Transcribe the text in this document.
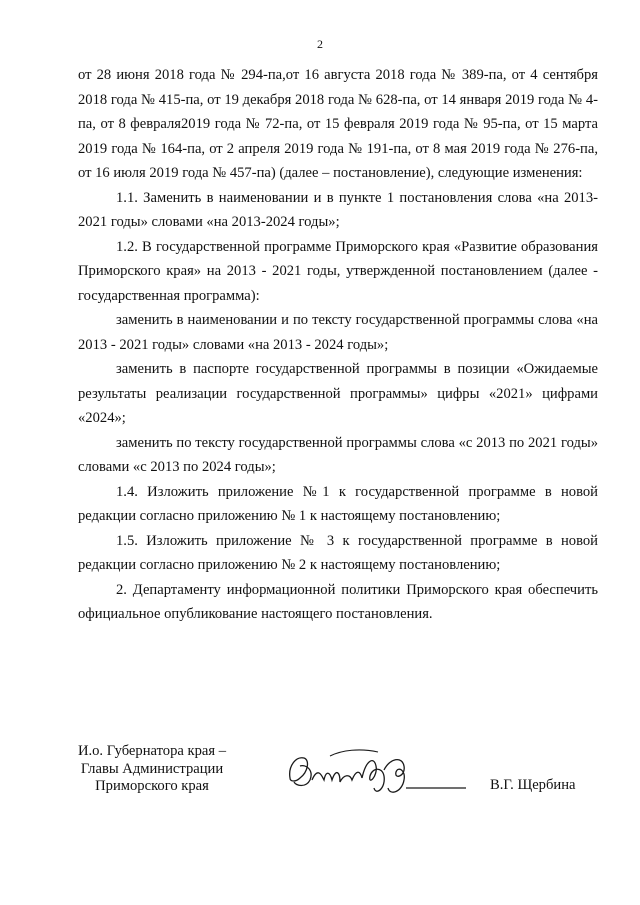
2

от 28 июня 2018 года № 294-па,от 16 августа 2018 года № 389-па, от 4 сентября 2018 года № 415-па, от 19 декабря 2018 года № 628-па, от 14 января 2019 года № 4-па, от 8 февраля2019 года № 72-па, от 15 февраля 2019 года № 95-па, от 15 марта 2019 года № 164-па, от 2 апреля 2019 года № 191-па, от 8 мая 2019 года № 276-па, от 16 июля 2019 года № 457-па) (далее – постановление), следующие изменения:

1.1. Заменить в наименовании и в пункте 1 постановления слова «на 2013-2021 годы» словами «на 2013-2024 годы»;

1.2. В государственной программе Приморского края «Развитие образования Приморского края» на 2013 - 2021 годы, утвержденной постановлением (далее - государственная программа):

заменить в наименовании и по тексту государственной программы слова «на 2013 - 2021 годы» словами «на 2013 - 2024 годы»;

заменить в паспорте государственной программы в позиции «Ожидаемые результаты реализации государственной программы» цифры «2021» цифрами «2024»;

заменить по тексту государственной программы слова «с 2013 по 2021 годы» словами «с 2013 по 2024 годы»;

1.4. Изложить приложение №1 к государственной программе в новой редакции согласно приложению № 1 к настоящему постановлению;

1.5. Изложить приложение № 3 к государственной программе в новой редакции согласно приложению № 2 к настоящему постановлению;

2. Департаменту информационной политики Приморского края обеспечить официальное опубликование настоящего постановления.

И.о. Губернатора края –
Главы Администрации
Приморского края	В.Г. Щербина
